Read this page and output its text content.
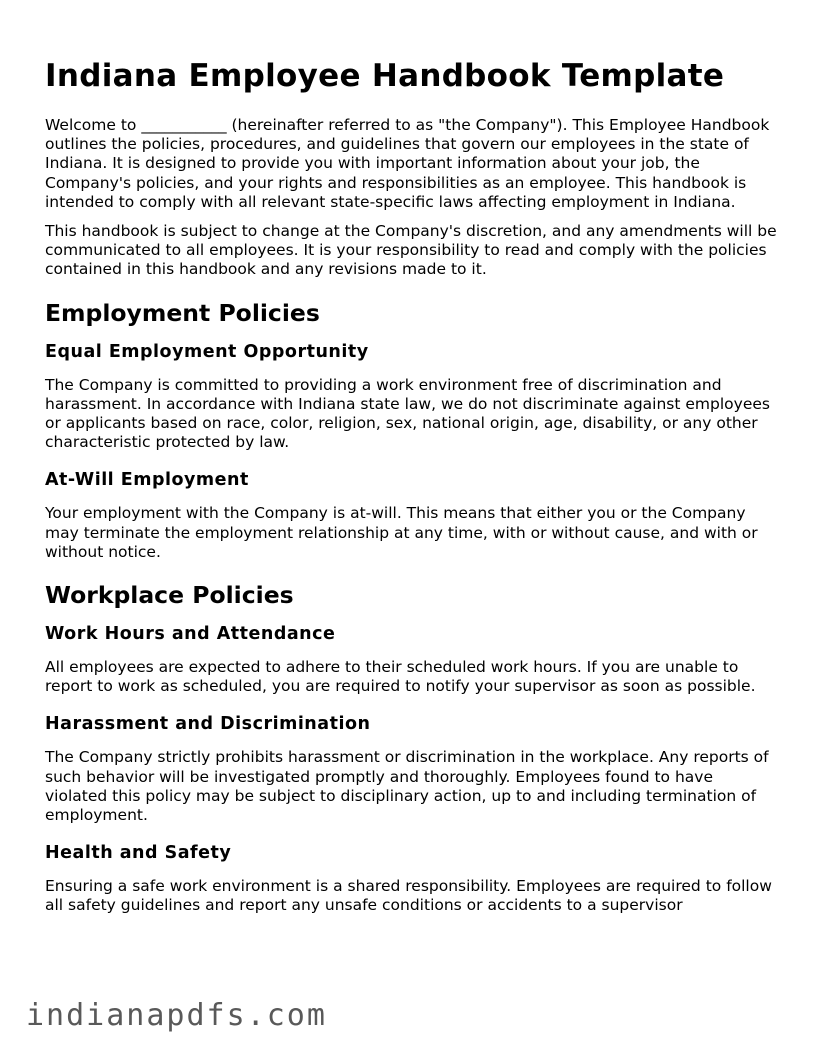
Indiana Employee Handbook Template

Welcome to ___________ (hereinafter referred to as "the Company"). This Employee Handbook outlines the policies, procedures, and guidelines that govern our employees in the state of Indiana. It is designed to provide you with important information about your job, the Company's policies, and your rights and responsibilities as an employee. This handbook is intended to comply with all relevant state-specific laws affecting employment in Indiana.

This handbook is subject to change at the Company's discretion, and any amendments will be communicated to all employees. It is your responsibility to read and comply with the policies contained in this handbook and any revisions made to it.

Employment Policies
Equal Employment Opportunity

The Company is committed to providing a work environment free of discrimination and harassment. In accordance with Indiana state law, we do not discriminate against employees or applicants based on race, color, religion, sex, national origin, age, disability, or any other characteristic protected by law.

At-Will Employment

Your employment with the Company is at-will. This means that either you or the Company may terminate the employment relationship at any time, with or without cause, and with or without notice.

Workplace Policies
Work Hours and Attendance

All employees are expected to adhere to their scheduled work hours. If you are unable to report to work as scheduled, you are required to notify your supervisor as soon as possible.

Harassment and Discrimination

The Company strictly prohibits harassment or discrimination in the workplace. Any reports of such behavior will be investigated promptly and thoroughly. Employees found to have violated this policy may be subject to disciplinary action, up to and including termination of employment.

Health and Safety

Ensuring a safe work environment is a shared responsibility. Employees are required to follow all safety guidelines and report any unsafe conditions or accidents to a supervisor

indianapdfs.com
